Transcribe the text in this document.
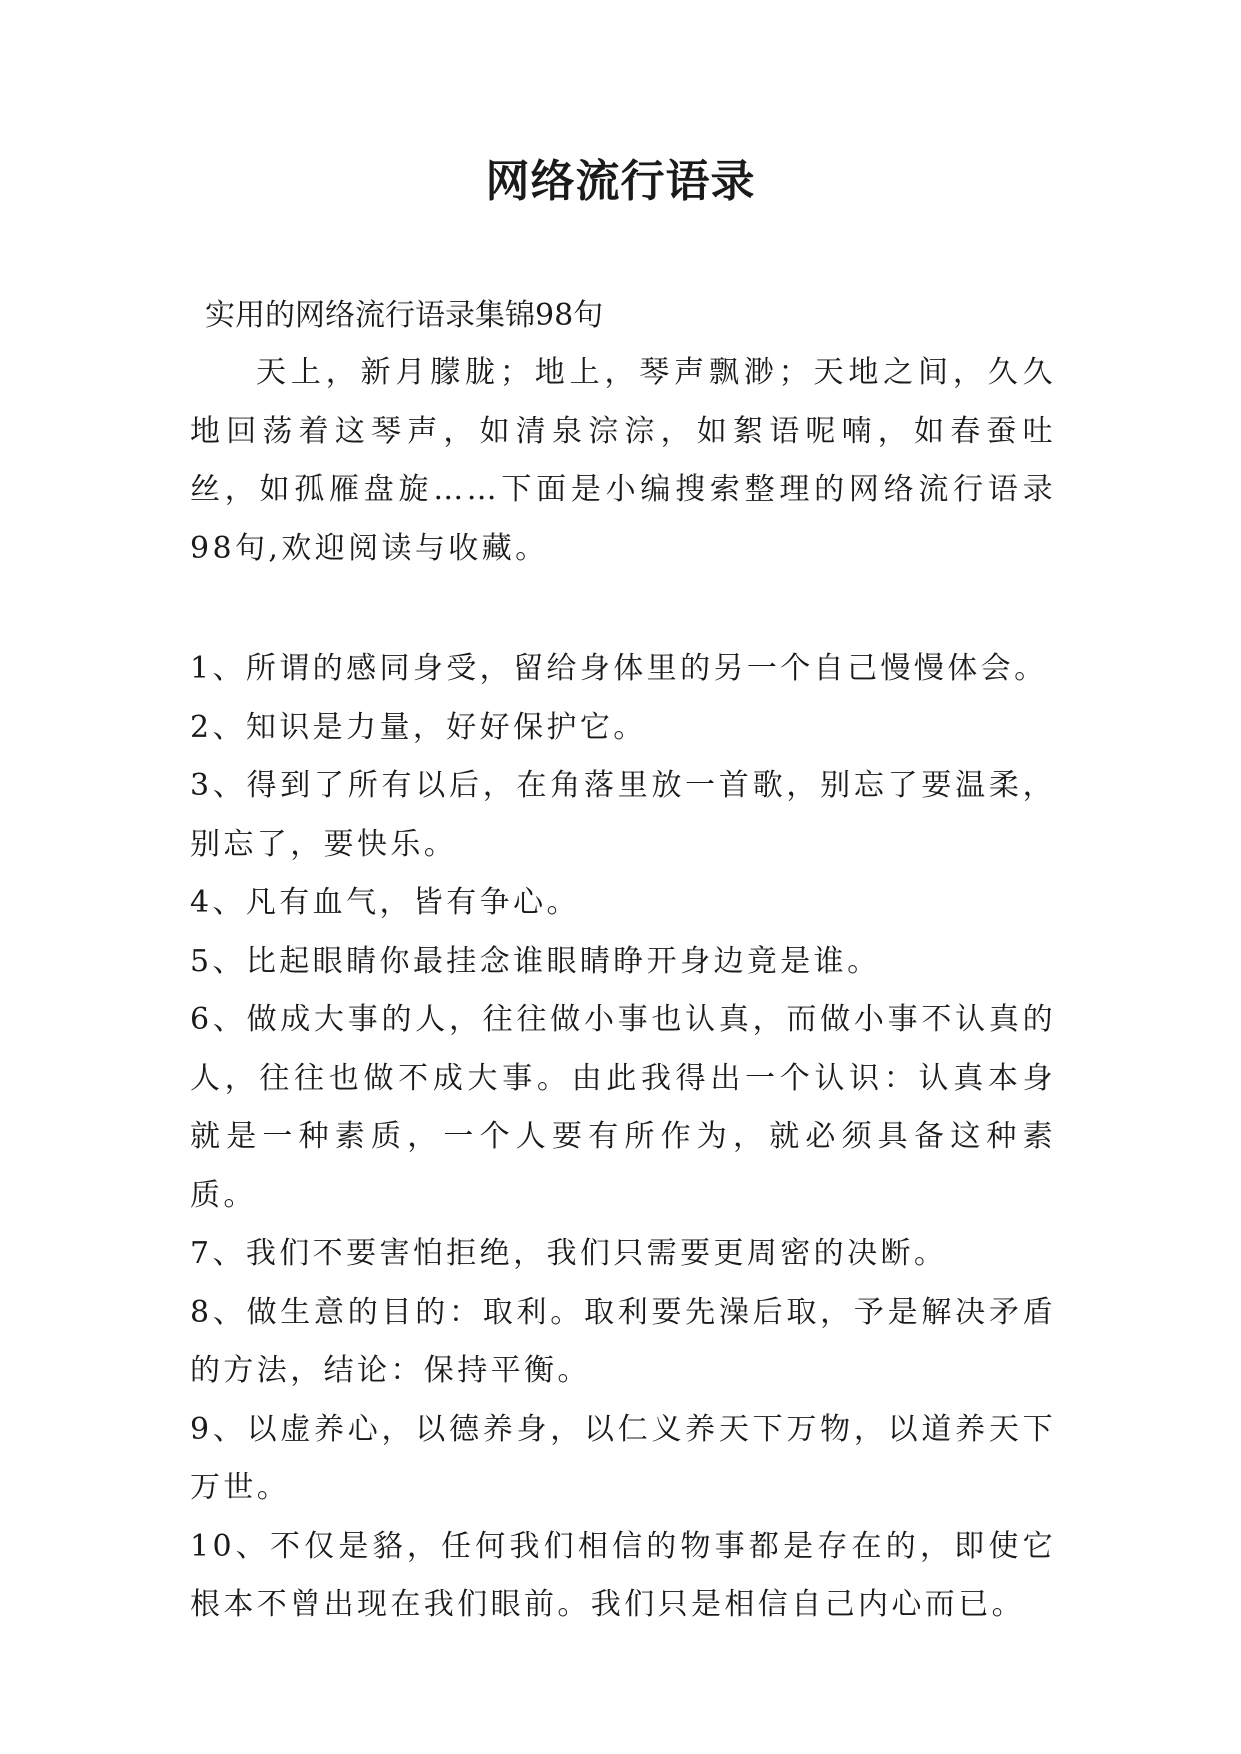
网络流行语录
实用的网络流行语录集锦98句

天上，新月朦胧；地上，琴声飘渺；天地之间，久久地回荡着这琴声，如清泉淙淙，如絮语呢喃，如春蚕吐丝，如孤雁盘旋……下面是小编搜索整理的网络流行语录98句,欢迎阅读与收藏。

1、所谓的感同身受，留给身体里的另一个自己慢慢体会。
2、知识是力量，好好保护它。
3、得到了所有以后，在角落里放一首歌，别忘了要温柔，别忘了，要快乐。
4、凡有血气，皆有争心。
5、比起眼睛你最挂念谁眼睛睁开身边竟是谁。
6、做成大事的人，往往做小事也认真，而做小事不认真的人，往往也做不成大事。由此我得出一个认识：认真本身就是一种素质，一个人要有所作为，就必须具备这种素质。
7、我们不要害怕拒绝，我们只需要更周密的决断。
8、做生意的目的：取利。取利要先澡后取，予是解决矛盾的方法，结论：保持平衡。
9、以虚养心，以德养身，以仁义养天下万物，以道养天下万世。
10、不仅是貉，任何我们相信的物事都是存在的，即使它根本不曾出现在我们眼前。我们只是相信自己内心而已。
